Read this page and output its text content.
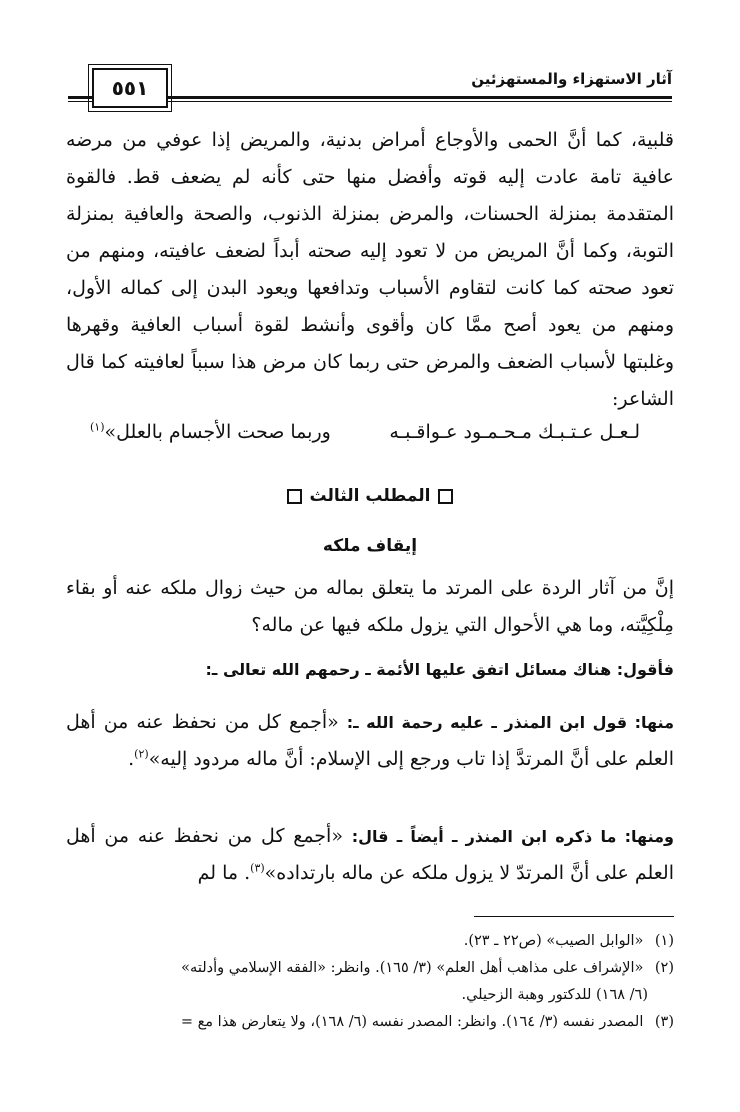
آثار الاستهزاء والمستهزئين
٥٥١
قلبية، كما أنَّ الحمى والأوجاع أمراض بدنية، والمريض إذا عوفي من مرضه عافية تامة عادت إليه قوته وأفضل منها حتى كأنه لم يضعف قط. فالقوة المتقدمة بمنزلة الحسنات، والمرض بمنزلة الذنوب، والصحة والعافية بمنزلة التوبة، وكما أنَّ المريض من لا تعود إليه صحته أبداً لضعف عافيته، ومنهم من تعود صحته كما كانت لتقاوم الأسباب وتدافعها ويعود البدن إلى كماله الأول، ومنهم من يعود أصح ممَّا كان وأقوى وأنشط لقوة أسباب العافية وقهرها وغلبتها لأسباب الضعف والمرض حتى ربما كان مرض هذا سبباً لعافيته كما قال الشاعر:
لـعـل عـتـبـك مـحـمـود عـواقـبـه
وربما صحت الأجسام بالعلل»$^{(١)}$
المطلب الثالث
إيقاف ملكه
إنَّ من آثار الردة على المرتد ما يتعلق بماله من حيث زوال ملكه عنه أو بقاء مِلْكِيَّته، وما هي الأحوال التي يزول ملكه فيها عن ماله؟
فأقول: هناك مسائل اتفق عليها الأئمة ـ رحمهم الله تعالى ـ:
منها: قول ابن المنذر ـ عليه رحمة الله ـ: «أجمع كل من نحفظ عنه من أهل العلم على أنَّ المرتدَّ إذا تاب ورجع إلى الإسلام: أنَّ ماله مردود إليه»$^{(٢)}$.
ومنها: ما ذكره ابن المنذر ـ أيضاً ـ قال: «أجمع كل من نحفظ عنه من أهل العلم على أنَّ المرتدّ لا يزول ملكه عن ماله بارتداده»$^{(٣)}$. ما لم
(١) «الوابل الصيب» (ص٢٢ ـ ٢٣).
(٢) «الإشراف على مذاهب أهل العلم» (٣/ ١٦٥). وانظر: «الفقه الإسلامي وأدلته»
(٦/ ١٦٨) للدكتور وهبة الزحيلي.
(٣) المصدر نفسه (٣/ ١٦٤). وانظر: المصدر نفسه (٦/ ١٦٨)، ولا يتعارض هذا مع =
